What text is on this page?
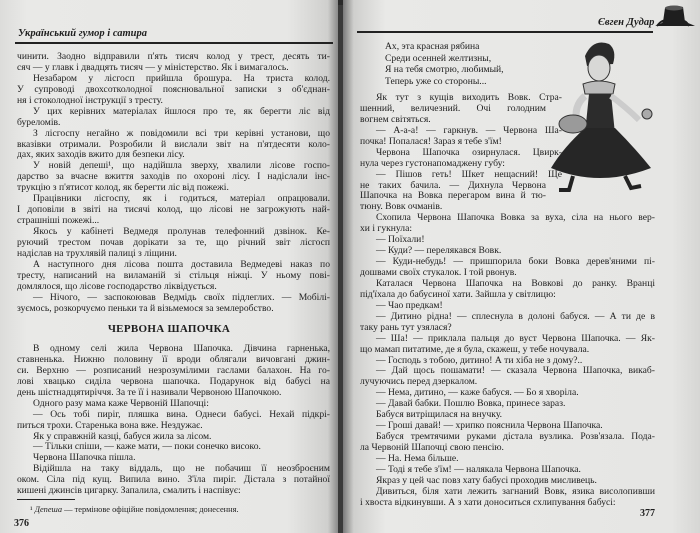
Український гумор і сатира
чинити. Заодно відправили п'ять тисяч колод у трест, десять ти-
сяч — у главк і двадцять тисяч — у міністерство. Як і вимагалось.
Незабаром у лісгосп прийшла брошура. На триста колод.
У супроводі двохсотколодної пояснювальної записки з об'єднан-
ня і стоколодної інструкції з тресту.
У цих керівних матеріалах йшлося про те, як берегти ліс від
буреломів.
З лісгоспу негайно ж повідомили всі три керівні установи, що
вказівки отримали. Розробили й вислали звіт на п'ятдесяти коло-
дах, яких заходів вжито для безпеки лісу.
У новій депеші¹, що надійшла зверху, хвалили лісове госпо-
дарство за вчасне вжиття заходів по охороні лісу. І надіслали інс-
трукцію з п'ятисот колод, як берегти ліс від пожежі.
Працівники лісгоспу, як і годиться, матеріал опрацювали.
І доповіли в звіті на тисячі колод, що лісові не загрожують най-
страшніші пожежі...
Якось у кабінеті Ведмедя пролунав телефонний дзвінок. Ке-
руючий трестом почав дорікати за те, що річний звіт лісгосп
надіслав на трухлявій палиці з ліщини.
А наступного дня лісова пошта доставила Ведмедеві наказ по
тресту, написаний на виламаній зі стільця ніжці. У ньому пові-
домлялося, що лісове господарство ліквідується.
— Нічого, — заспокоював Ведмідь своїх підлеглих. — Мобілі-
зуємось, розкорчуємо пеньки та й візьмемося за землеробство.
ЧЕРВОНА ШАПОЧКА
В одному селі жила Червона Шапочка. Дівчина гарненька,
ставненька. Нижню половину її вроди облягали вичовгані джин-
си. Верхню — розписаний незрозумілими гаслами балахон. На го-
лові хвацько сиділа червона шапочка. Подарунок від бабусі на
день шістнадцятиріччя. За те її і називали Червоною Шапочкою.
Одного разу мама каже Червоній Шапочці:
— Ось тобі пиріг, пляшка вина. Однеси бабусі. Нехай підкрі-
питься трохи. Старенька вона вже. Нездужає.
Як у справжній казці, бабуся жила за лісом.
— Тільки спіши, — каже мати, — поки сонечко високо.
Червона Шапочка пішла.
Відійшла на таку віддаль, що не побачиш її неозброєним
оком. Сіла під кущ. Випила вино. З'їла пиріг. Дістала з потайної
кишені джинсів цигарку. Запалила, смалить і наспівує:
¹ Депеша — термінове офіційне повідомлення; донесення.
376
Євген Дудар
Ах, эта красная рябина
Среди осенней желтизны,
Я на тебя смотрю, любимый,
Теперь уже со стороны...
Як тут з кущів виходить Вовк. Стра-
шенний, величезний. Очі голодним
вогнем світяться.
— А-а-а! — гаркнув. — Червона Ша-
почка! Попалася! Зараз я тебе з'їм!
Червона Шапочка озирнулася. Цвирк-
нула через густонапомаджену губу:
— Пішов геть! Шкет нещасний! Ще
не таких бачила. — Дихнула Червона
Шапочка на Вовка перегаром вина й тю-
тюну. Вовк очманів.
Схопила Червона Шапочка Вовка за вуха, сіла на нього вер-
хи і гукнула:
— Поїхали!
— Куди? — перелякався Вовк.
— Куди-небудь! — пришпорила боки Вовка дерев'яними пі-
дошвами своїх стукалок. І той рвонув.
Каталася Червона Шапочка на Вовкові до ранку. Вранці
під'їхала до бабусиної хати. Зайшла у світлицю:
— Чао предкам!
— Дитино рідна! — сплеснула в долоні бабуся. — А ти де в
таку рань тут узялася?
— Ша! — приклала пальця до вуст Червона Шапочка. — Як-
що мамап питатиме, де я була, скажеш, у тебе ночувала.
— Господь з тобою, дитино! А ти хіба не з дому?..
— Дай щось пошамати! — сказала Червона Шапочка, викаб-
лучуючись перед дзеркалом.
— Нема, дитино, — каже бабуся. — Бо я хворіла.
— Давай бабки. Пошлю Вовка, принесе зараз.
Бабуся витріщилася на внучку.
— Гроші давай! — хрипко пояснила Червона Шапочка.
Бабуся тремтячими руками дістала вузлика. Розв'язала. Пода-
ла Червоній Шапочці свою пенсію.
— На. Нема більше.
— Тоді я тебе з'їм! — налякала Червона Шапочка.
Якраз у цей час повз хату бабусі проходив мисливець.
Дивиться, біля хати лежить загнаний Вовк, язика висолопивши
і хвоста відкинувши. А з хати доноситься схлипування бабусі:
377
